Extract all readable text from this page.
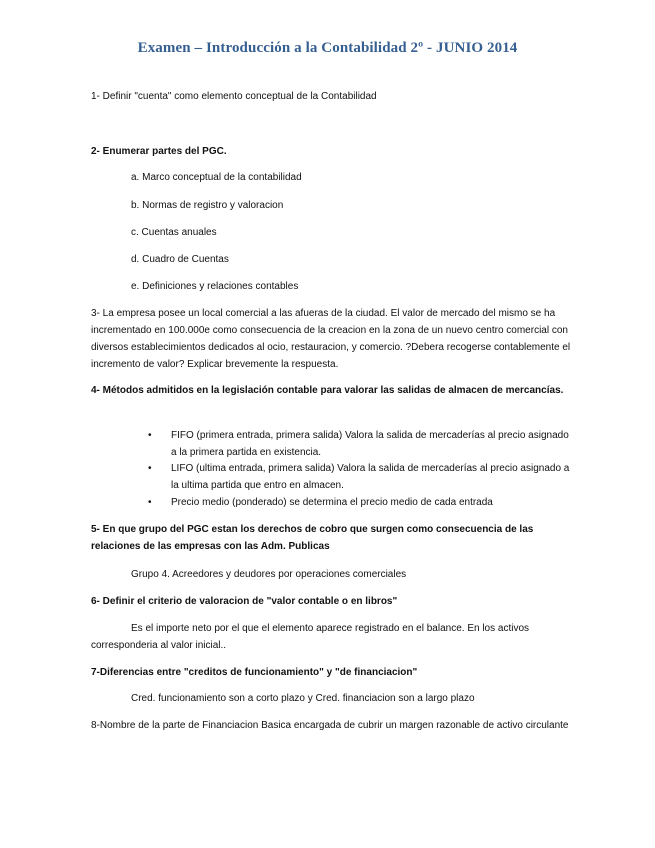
Examen – Introducción a la Contabilidad 2º - JUNIO 2014
1- Definir "cuenta" como elemento conceptual de la Contabilidad
2- Enumerar partes del PGC.
a. Marco conceptual de la contabilidad
b. Normas de registro y valoracion
c. Cuentas anuales
d. Cuadro de Cuentas
e. Definiciones y relaciones contables
3- La empresa posee un local comercial a las afueras de la ciudad. El valor de mercado del mismo se ha incrementado en 100.000e como consecuencia de la creacion en la zona de un nuevo centro comercial con diversos establecimientos dedicados al ocio, restauracion, y comercio. ?Debera recogerse contablemente el incremento de valor? Explicar brevemente la respuesta.
4- Métodos admitidos en la legislación contable para valorar las salidas de almacen de mercancías.
• FIFO (primera entrada, primera salida) Valora la salida de mercaderías al precio asignado a la primera partida en existencia.
• LIFO (ultima entrada, primera salida) Valora la salida de mercaderías al precio asignado a la ultima partida que entro en almacen.
• Precio medio (ponderado) se determina el precio medio de cada entrada
5- En que grupo del PGC estan los derechos de cobro que surgen como consecuencia de las relaciones de las empresas con las Adm. Publicas
Grupo 4. Acreedores y deudores por operaciones comerciales
6- Definir el criterio de valoracion de "valor contable o en libros"
Es el importe neto por el que el elemento aparece registrado en el balance. En los activos corresponderia al valor inicial..
7-Diferencias entre "creditos de funcionamiento" y "de financiacion"
Cred. funcionamiento son a corto plazo y Cred. financiacion son a largo plazo
8-Nombre de la parte de Financiacion Basica encargada de cubrir un margen razonable de activo circulante
